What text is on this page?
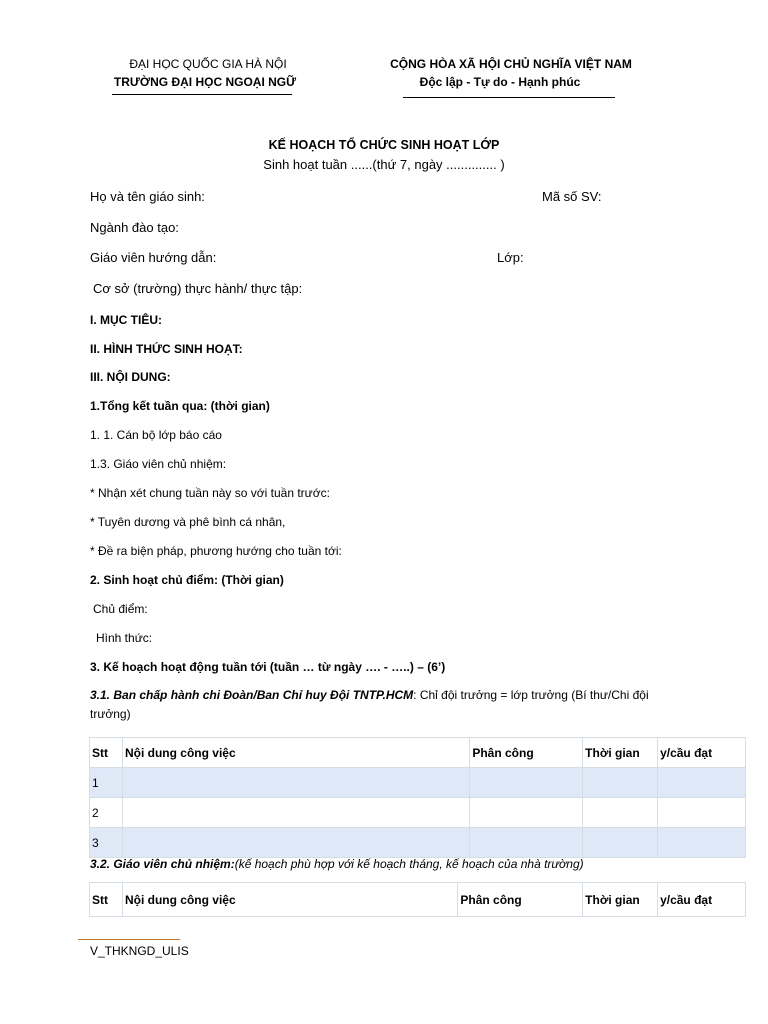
ĐẠI HỌC QUỐC GIA HÀ NỘI
TRƯỜNG ĐẠI HỌC NGOẠI NGỮ
CỘNG HÒA XÃ HỘI CHỦ NGHĨA VIỆT NAM
Độc lập - Tự do - Hạnh phúc
KẾ HOẠCH TỔ CHỨC SINH HOẠT LỚP
Sinh hoạt tuần ......(thứ 7, ngày .............. )
Họ và tên giáo sinh:	Mã số SV:
Ngành đào tạo:
Giáo viên hướng dẫn:	Lớp:
Cơ sở (trường) thực hành/ thực tập:
I. MỤC TIÊU:
II. HÌNH THỨC SINH HOẠT:
III. NỘI DUNG:
1.Tổng kết tuần qua: (thời gian)
1. 1. Cán bộ lớp báo cáo
1.3. Giáo viên chủ nhiệm:
* Nhận xét chung tuần này so với tuần trước:
* Tuyên dương và phê bình cá nhân,
* Đề ra biện pháp, phương hướng cho tuần tới:
2. Sinh hoạt chủ điểm: (Thời gian)
Chủ điểm:
Hình thức:
3. Kế hoạch hoạt động tuần tới (tuần … từ ngày …. - …..) – (6’)
3.1. Ban chấp hành chi Đoàn/Ban Chỉ huy Đội TNTP.HCM: Chỉ đội trưởng = lớp trưởng (Bí thư/Chi đội
trưởng)
Stt	Nội dung công việc	Phân công	Thời gian	y/cầu đạt
1				
2				
3				
3.2. Giáo viên chủ nhiệm:(kế hoạch phù hợp với kế hoạch tháng, kế hoạch của nhà trường)
Stt	Nội dung công việc	Phân công	Thời gian	y/cầu đạt
V_THKNGD_ULIS
